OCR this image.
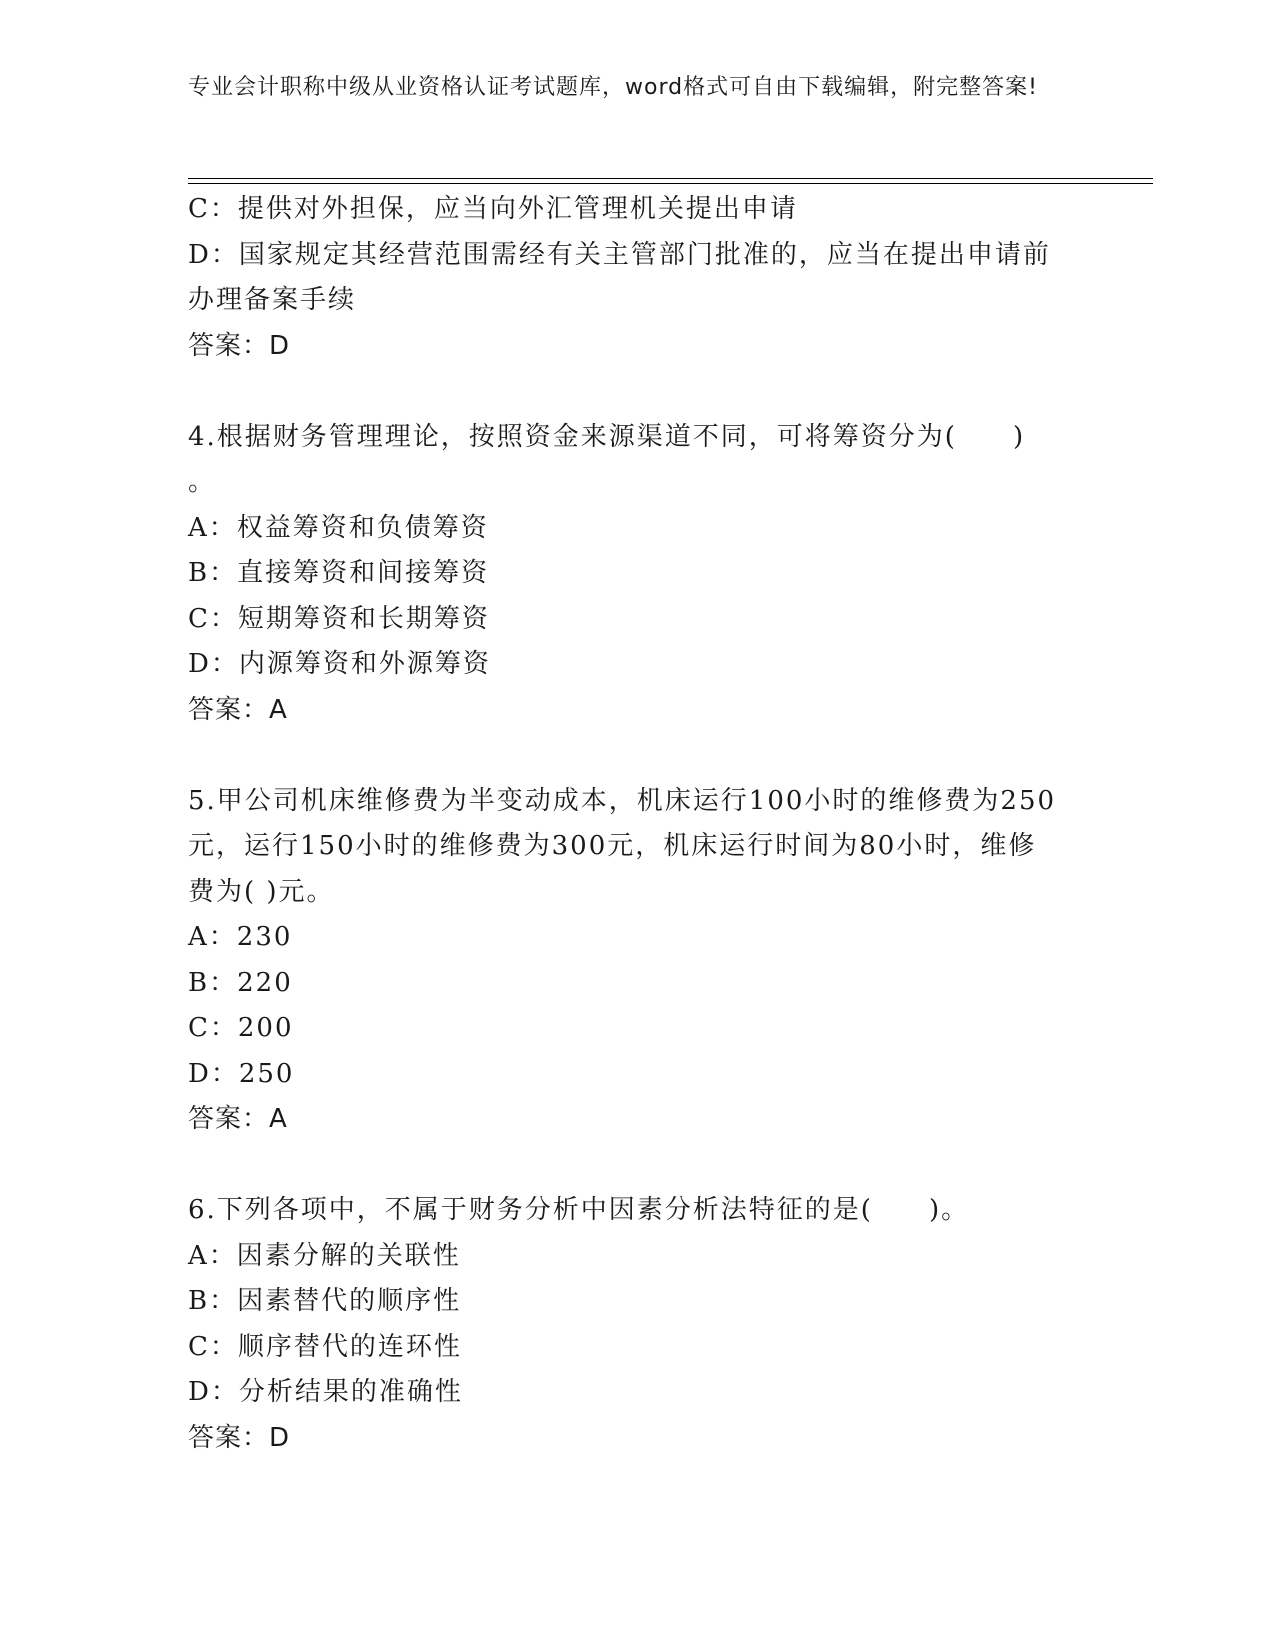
专业会计职称中级从业资格认证考试题库，word格式可自由下载编辑，附完整答案!

C：提供对外担保，应当向外汇管理机关提出申请

D：国家规定其经营范围需经有关主管部门批准的，应当在提出申请前

办理备案手续

答案：D

4.根据财务管理理论，按照资金来源渠道不同，可将筹资分为(　　)

。

A：权益筹资和负债筹资

B：直接筹资和间接筹资

C：短期筹资和长期筹资

D：内源筹资和外源筹资

答案：A

5.甲公司机床维修费为半变动成本，机床运行100小时的维修费为250

元，运行150小时的维修费为300元，机床运行时间为80小时，维修

费为( )元。

A：230

B：220

C：200

D：250

答案：A

6.下列各项中，不属于财务分析中因素分析法特征的是(　　)。

A：因素分解的关联性

B：因素替代的顺序性

C：顺序替代的连环性

D：分析结果的准确性

答案：D
